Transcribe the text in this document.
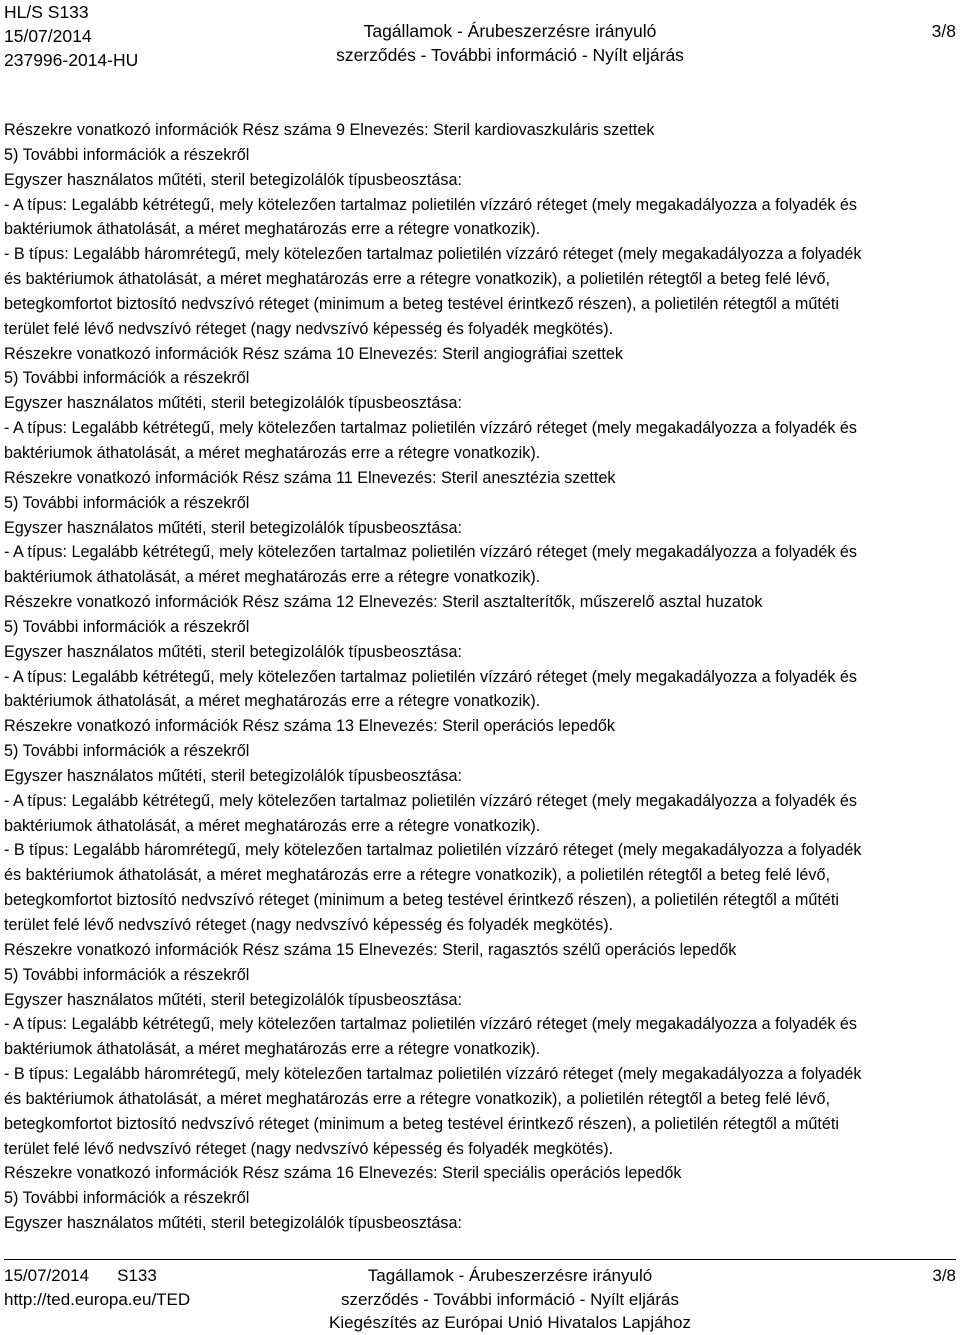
HL/S S133
15/07/2014
237996-2014-HU
Tagállamok - Árubeszerzésre irányuló
szerződés - További információ - Nyílt eljárás
3/8

Részekre vonatkozó információk Rész száma 9 Elnevezés: Steril kardiovaszkuláris szettek

5) További információk a részekről

Egyszer használatos műtéti, steril betegizolálók típusbeosztása:

- A típus: Legalább kétrétegű, mely kötelezően tartalmaz polietilén vízzáró réteget (mely megakadályozza a folyadék és

baktériumok áthatolását, a méret meghatározás erre a rétegre vonatkozik).

- B típus: Legalább háromrétegű, mely kötelezően tartalmaz polietilén vízzáró réteget (mely megakadályozza a folyadék

és baktériumok áthatolását, a méret meghatározás erre a rétegre vonatkozik), a polietilén rétegtől a beteg felé lévő,

betegkomfortot biztosító nedvszívó réteget (minimum a beteg testével érintkező részen), a polietilén rétegtől a műtéti

terület felé lévő nedvszívó réteget (nagy nedvszívó képesség és folyadék megkötés).

Részekre vonatkozó információk Rész száma 10 Elnevezés: Steril angiográfiai szettek

5) További információk a részekről

Egyszer használatos műtéti, steril betegizolálók típusbeosztása:

- A típus: Legalább kétrétegű, mely kötelezően tartalmaz polietilén vízzáró réteget (mely megakadályozza a folyadék és

baktériumok áthatolását, a méret meghatározás erre a rétegre vonatkozik).

Részekre vonatkozó információk Rész száma 11 Elnevezés: Steril anesztézia szettek

5) További információk a részekről

Egyszer használatos műtéti, steril betegizolálók típusbeosztása:

- A típus: Legalább kétrétegű, mely kötelezően tartalmaz polietilén vízzáró réteget (mely megakadályozza a folyadék és

baktériumok áthatolását, a méret meghatározás erre a rétegre vonatkozik).

Részekre vonatkozó információk Rész száma 12 Elnevezés: Steril asztalterítők, műszerelő asztal huzatok

5) További információk a részekről

Egyszer használatos műtéti, steril betegizolálók típusbeosztása:

- A típus: Legalább kétrétegű, mely kötelezően tartalmaz polietilén vízzáró réteget (mely megakadályozza a folyadék és

baktériumok áthatolását, a méret meghatározás erre a rétegre vonatkozik).

Részekre vonatkozó információk Rész száma 13 Elnevezés: Steril operációs lepedők

5) További információk a részekről

Egyszer használatos műtéti, steril betegizolálók típusbeosztása:

- A típus: Legalább kétrétegű, mely kötelezően tartalmaz polietilén vízzáró réteget (mely megakadályozza a folyadék és

baktériumok áthatolását, a méret meghatározás erre a rétegre vonatkozik).

- B típus: Legalább háromrétegű, mely kötelezően tartalmaz polietilén vízzáró réteget (mely megakadályozza a folyadék

és baktériumok áthatolását, a méret meghatározás erre a rétegre vonatkozik), a polietilén rétegtől a beteg felé lévő,

betegkomfortot biztosító nedvszívó réteget (minimum a beteg testével érintkező részen), a polietilén rétegtől a műtéti

terület felé lévő nedvszívó réteget (nagy nedvszívó képesség és folyadék megkötés).

Részekre vonatkozó információk Rész száma 15 Elnevezés: Steril, ragasztós szélű operációs lepedők

5) További információk a részekről

Egyszer használatos műtéti, steril betegizolálók típusbeosztása:

- A típus: Legalább kétrétegű, mely kötelezően tartalmaz polietilén vízzáró réteget (mely megakadályozza a folyadék és

baktériumok áthatolását, a méret meghatározás erre a rétegre vonatkozik).

- B típus: Legalább háromrétegű, mely kötelezően tartalmaz polietilén vízzáró réteget (mely megakadályozza a folyadék

és baktériumok áthatolását, a méret meghatározás erre a rétegre vonatkozik), a polietilén rétegtől a beteg felé lévő,

betegkomfortot biztosító nedvszívó réteget (minimum a beteg testével érintkező részen), a polietilén rétegtől a műtéti

terület felé lévő nedvszívó réteget (nagy nedvszívó képesség és folyadék megkötés).

Részekre vonatkozó információk Rész száma 16 Elnevezés: Steril speciális operációs lepedők

5) További információk a részekről

Egyszer használatos műtéti, steril betegizolálók típusbeosztása:

15/07/2014 S133
http://ted.europa.eu/TED
Tagállamok - Árubeszerzésre irányuló
szerződés - További információ - Nyílt eljárás
Kiegészítés az Európai Unió Hivatalos Lapjához
3/8
